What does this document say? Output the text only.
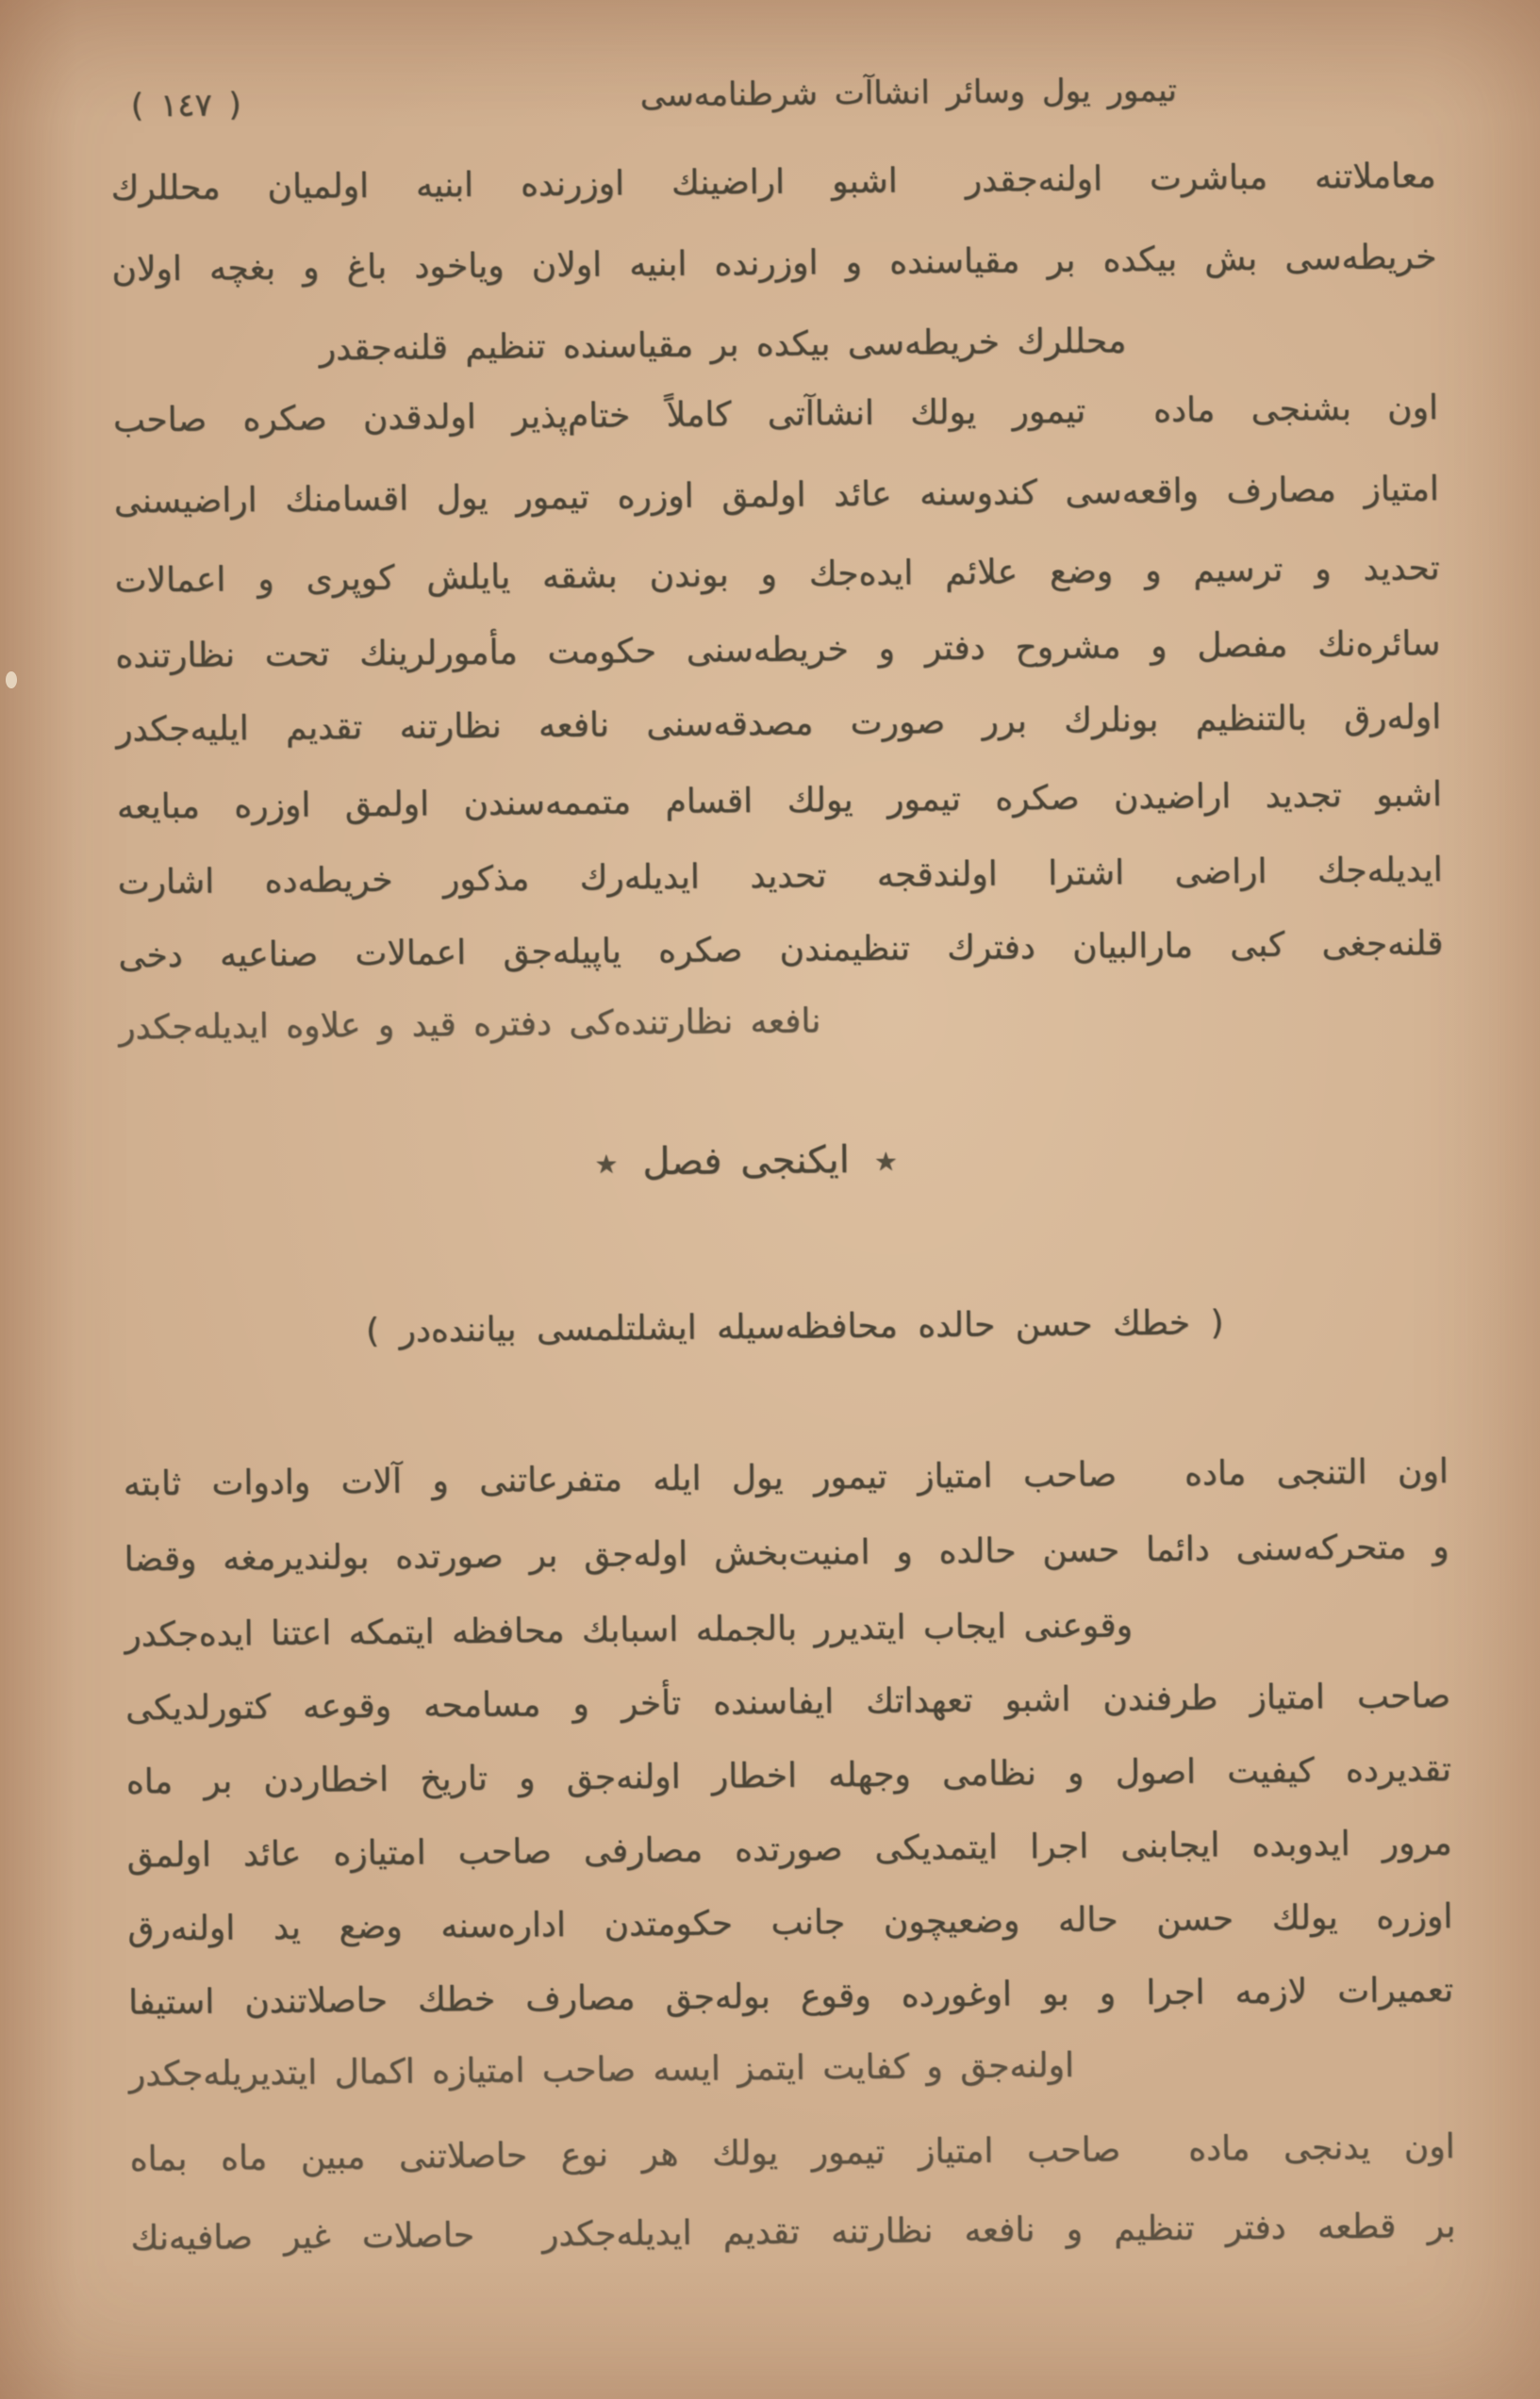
( ١٤٧ )	تيمور يول وسائر انشاآت شرطنامه‌سی
معاملاتنه مباشرت اولنه‌جقدر  اشبو اراضينك اوزرنده ابنيه اولميان محللرك
خريطه‌سی بش بيكده بر مقياسنده و اوزرنده ابنيه اولان وياخود باغ و بغچه اولان
محللرك خريطه‌سی بيكده بر مقياسنده تنظيم قلنه‌جقدر
اون بشنجی ماده  تيمور يولك انشاآتی كاملاً ختام‌پذير اولدقدن صكره صاحب
امتياز مصارف واقعه‌سی كندوسنه عائد اولمق اوزره تيمور يول اقسامنك اراضيسنی
تحديد و ترسيم و وضع علائم ايده‌جك و بوندن بشقه يايلش كوپری و اعمالات
سائره‌نك مفصل و مشروح دفتر و خريطه‌سنی حكومت مأمورلرينك تحت نظارتنده
اوله‌رق بالتنظيم بونلرك برر صورت مصدقه‌سنی نافعه نظارتنه تقديم ايليه‌جكدر
اشبو تجديد اراضيدن صكره تيمور يولك اقسام متممه‌سندن اولمق اوزره مبايعه
ايديله‌جك اراضی اشترا اولندقجه تحديد ايديله‌رك مذكور خريطه‌ده اشارت
قلنه‌جغی كبی مارالبيان دفترك تنظيمندن صكره ياپيله‌جق اعمالات صناعيه دخی
نافعه نظارتنده‌كی دفتره قيد و علاوه ايديله‌جكدر
٭ايكنجی فصل٭
( خطك حسن حالده محافظه‌سيله ايشلتلمسی بياننده‌در )
اون التنجی ماده  صاحب امتياز تيمور يول ايله متفرعاتنی و آلات وادوات ثابته
و متحركه‌سنی دائما حسن حالده و امنيت‌بخش اوله‌جق بر صورتده بولنديرمغه وقضا
وقوعنی ايجاب ايتديرر بالجمله اسبابك محافظه ايتمكه اعتنا ايده‌جكدر
صاحب امتياز طرفندن اشبو تعهداتك ايفاسنده تأخر و مسامحه وقوعه كتورلديكی
تقديرده كيفيت اصول و نظامی وجهله اخطار اولنه‌جق و تاريخ اخطاردن بر ماه
مرور ايدوبده ايجابنی اجرا ايتمديكی صورتده مصارفی صاحب امتيازه عائد اولمق
اوزره يولك حسن حاله وضعيچون جانب حكومتدن اداره‌سنه وضع يد اولنه‌رق
تعميرات لازمه اجرا و بو اوغورده وقوع بوله‌جق مصارف خطك حاصلاتندن استيفا
اولنه‌جق و كفايت ايتمز ايسه صاحب امتيازه اكمال ايتديريله‌جكدر
اون يدنجی ماده  صاحب امتياز تيمور يولك هر نوع حاصلاتنی مبين ماه بماه
بر قطعه دفتر تنظيم و نافعه نظارتنه تقديم ايديله‌جكدر  حاصلات غير صافيه‌نك
